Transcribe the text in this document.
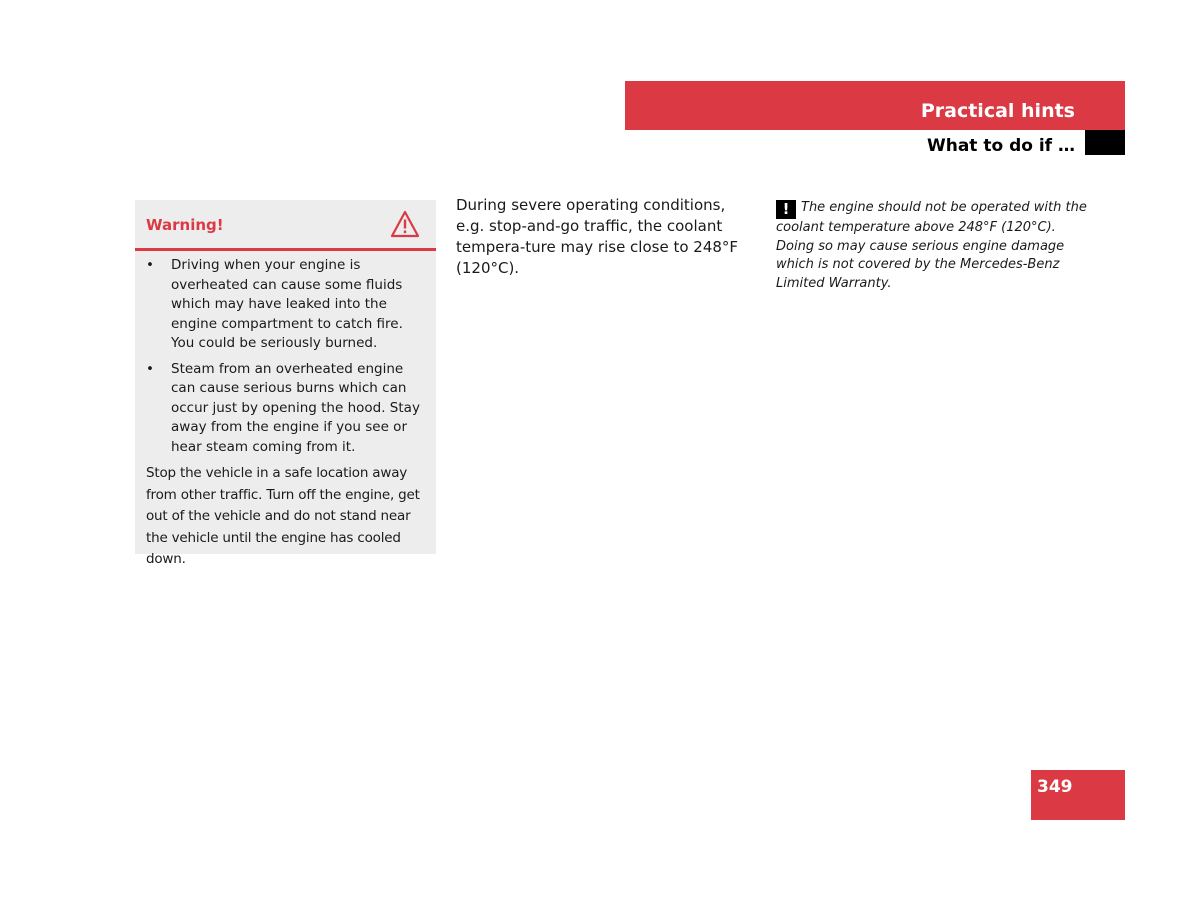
Practical hints
What to do if …
Warning!
• Driving when your engine is overheated can cause some fluids which may have leaked into the engine compartment to catch fire. You could be seriously burned.
• Steam from an overheated engine can cause serious burns which can occur just by opening the hood. Stay away from the engine if you see or hear steam coming from it.

Stop the vehicle in a safe location away from other traffic. Turn off the engine, get out of the vehicle and do not stand near the vehicle until the engine has cooled down.

During severe operating conditions, e.g. stop-and-go traffic, the coolant tempera-ture may rise close to 248°F (120°C).

! The engine should not be operated with the coolant temperature above 248°F (120°C). Doing so may cause serious engine damage which is not covered by the Mercedes-Benz Limited Warranty.

349
